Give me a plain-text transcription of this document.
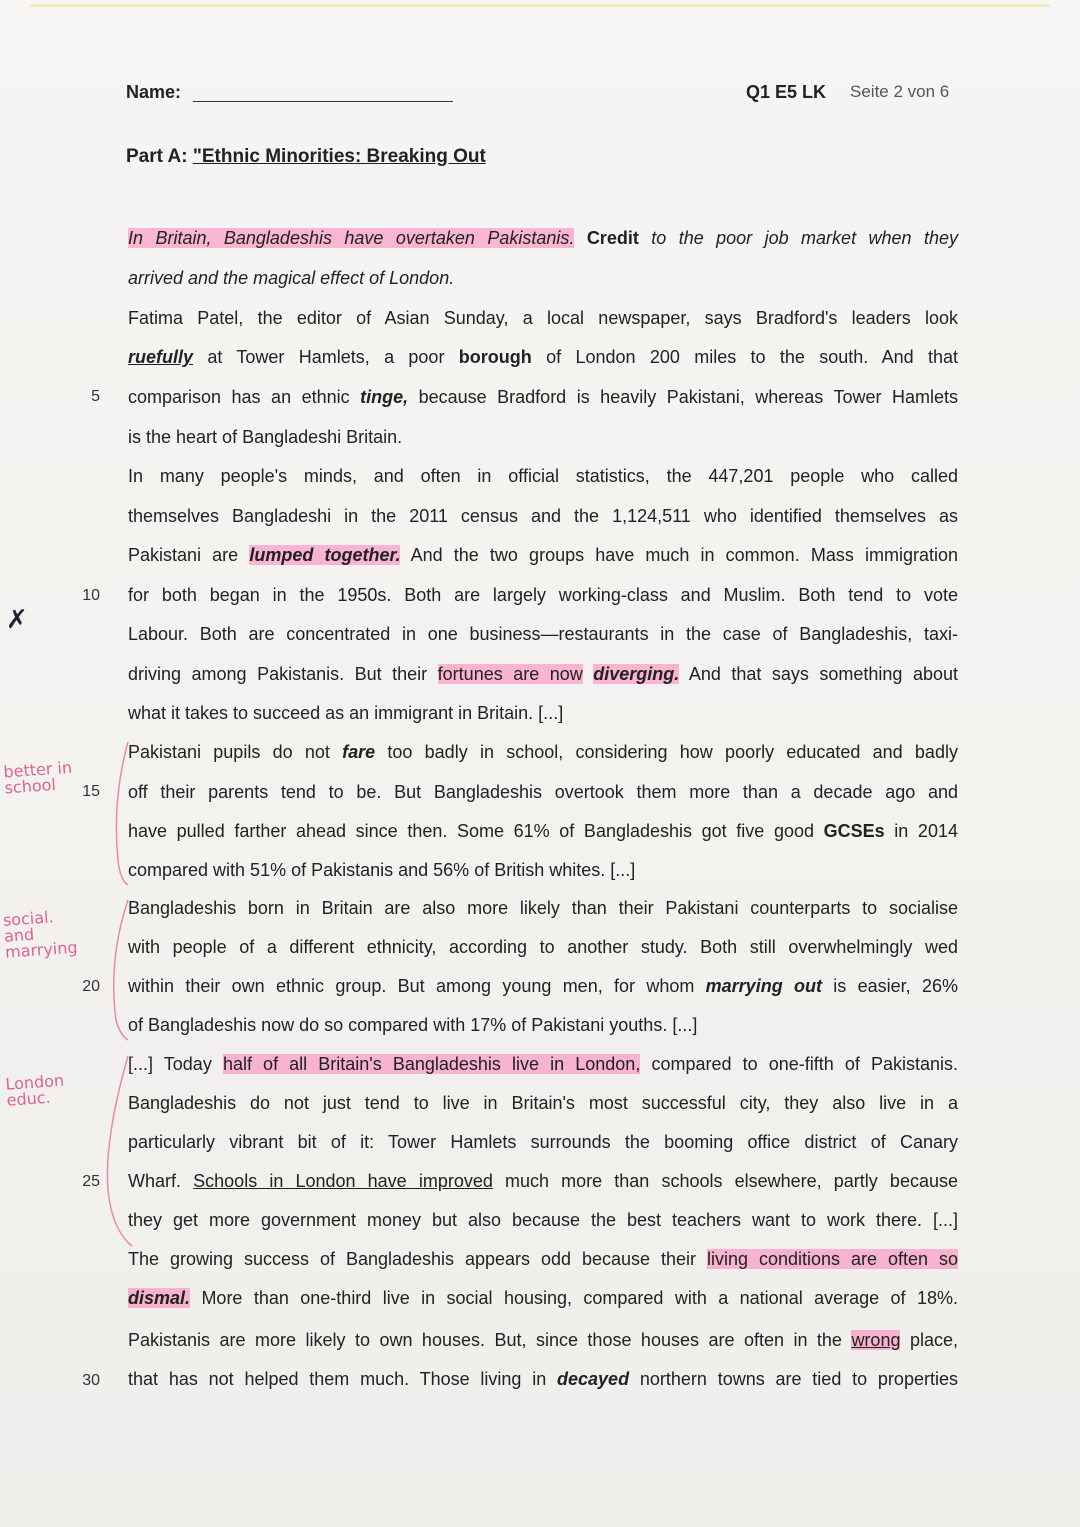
Name:	Q1 E5 LK Seite 2 von 6
Part A: "Ethnic Minorities: Breaking Out
In Britain, Bangladeshis have overtaken Pakistanis. Credit to the poor job market when they
arrived and the magical effect of London.
Fatima Patel, the editor of Asian Sunday, a local newspaper, says Bradford's leaders look
ruefully at Tower Hamlets, a poor borough of London 200 miles to the south. And that
comparison has an ethnic tinge, because Bradford is heavily Pakistani, whereas Tower Hamlets
is the heart of Bangladeshi Britain.
In many people's minds, and often in official statistics, the 447,201 people who called
themselves Bangladeshi in the 2011 census and the 1,124,511 who identified themselves as
Pakistani are lumped together. And the two groups have much in common. Mass immigration
for both began in the 1950s. Both are largely working-class and Muslim. Both tend to vote
Labour. Both are concentrated in one business—restaurants in the case of Bangladeshis, taxi-
driving among Pakistanis. But their fortunes are now diverging. And that says something about
what it takes to succeed as an immigrant in Britain. [...]
Pakistani pupils do not fare too badly in school, considering how poorly educated and badly
off their parents tend to be. But Bangladeshis overtook them more than a decade ago and
have pulled farther ahead since then. Some 61% of Bangladeshis got five good GCSEs in 2014
compared with 51% of Pakistanis and 56% of British whites. [...]
Bangladeshis born in Britain are also more likely than their Pakistani counterparts to socialise
with people of a different ethnicity, according to another study. Both still overwhelmingly wed
within their own ethnic group. But among young men, for whom marrying out is easier, 26%
of Bangladeshis now do so compared with 17% of Pakistani youths. [...]
[...] Today half of all Britain's Bangladeshis live in London, compared to one-fifth of Pakistanis.
Bangladeshis do not just tend to live in Britain's most successful city, they also live in a
particularly vibrant bit of it: Tower Hamlets surrounds the booming office district of Canary
Wharf. Schools in London have improved much more than schools elsewhere, partly because
they get more government money but also because the best teachers want to work there. [...]
The growing success of Bangladeshis appears odd because their living conditions are often so
dismal. More than one-third live in social housing, compared with a national average of 18%.
Pakistanis are more likely to own houses. But, since those houses are often in the wrong place,
that has not helped them much. Those living in decayed northern towns are tied to properties
5
10
15
20
25
30
✗
better in school
social. and marrying
London educ.
